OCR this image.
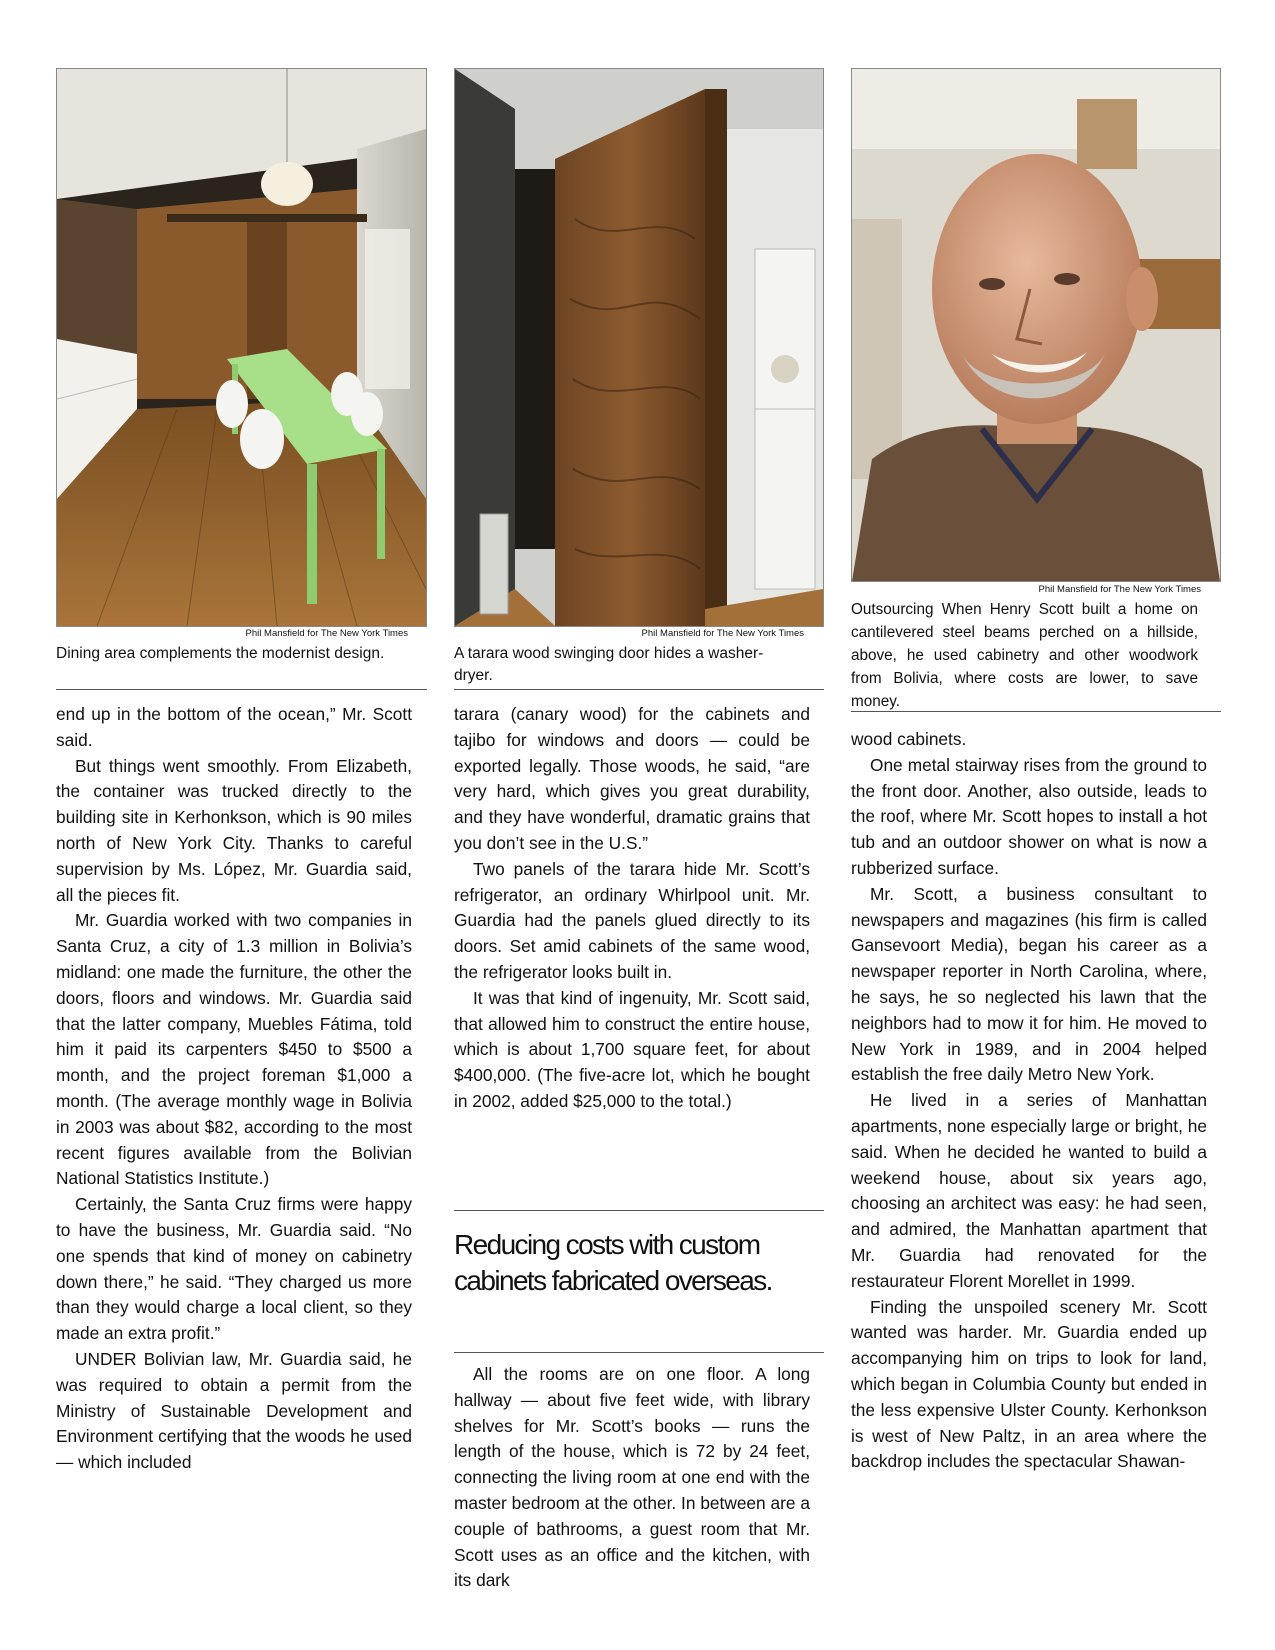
Phil Mansfield for The New York Times
Dining area complements the modernist design.
Phil Mansfield for The New York Times
A tarara wood swinging door hides a washer-dryer.
Phil Mansfield for The New York Times
Outsourcing When Henry Scott built a home on cantilevered steel beams perched on a hillside, above, he used cabinetry and other woodwork from Bolivia, where costs are lower, to save money.

end up in the bottom of the ocean,” Mr. Scott said.

But things went smoothly. From Elizabeth, the container was trucked directly to the building site in Kerhonkson, which is 90 miles north of New York City. Thanks to careful supervision by Ms. López, Mr. Guardia said, all the pieces fit.

Mr. Guardia worked with two companies in Santa Cruz, a city of 1.3 million in Bolivia’s midland: one made the furniture, the other the doors, floors and windows. Mr. Guardia said that the latter company, Muebles Fátima, told him it paid its carpenters $450 to $500 a month, and the project foreman $1,000 a month. (The average monthly wage in Bolivia in 2003 was about $82, according to the most recent figures available from the Bolivian National Statistics Institute.)

Certainly, the Santa Cruz firms were happy to have the business, Mr. Guardia said. “No one spends that kind of money on cabinetry down there,” he said. “They charged us more than they would charge a local client, so they made an extra profit.”

UNDER Bolivian law, Mr. Guardia said, he was required to obtain a permit from the Ministry of Sustainable Development and Environment certifying that the woods he used — which included

tarara (canary wood) for the cabinets and tajibo for windows and doors — could be exported legally. Those woods, he said, “are very hard, which gives you great durability, and they have wonderful, dramatic grains that you don’t see in the U.S.”

Two panels of the tarara hide Mr. Scott’s refrigerator, an ordinary Whirlpool unit. Mr. Guardia had the panels glued directly to its doors. Set amid cabinets of the same wood, the refrigerator looks built in.

It was that kind of ingenuity, Mr. Scott said, that allowed him to construct the entire house, which is about 1,700 square feet, for about $400,000. (The five-acre lot, which he bought in 2002, added $25,000 to the total.)

Reducing costs with custom cabinets fabricated overseas.

All the rooms are on one floor. A long hallway — about five feet wide, with library shelves for Mr. Scott’s books — runs the length of the house, which is 72 by 24 feet, connecting the living room at one end with the master bedroom at the other. In between are a couple of bathrooms, a guest room that Mr. Scott uses as an office and the kitchen, with its dark

wood cabinets.

One metal stairway rises from the ground to the front door. Another, also outside, leads to the roof, where Mr. Scott hopes to install a hot tub and an outdoor shower on what is now a rubberized surface.

Mr. Scott, a business consultant to newspapers and magazines (his firm is called Gansevoort Media), began his career as a newspaper reporter in North Carolina, where, he says, he so neglected his lawn that the neighbors had to mow it for him. He moved to New York in 1989, and in 2004 helped establish the free daily Metro New York.

He lived in a series of Manhattan apartments, none especially large or bright, he said. When he decided he wanted to build a weekend house, about six years ago, choosing an architect was easy: he had seen, and admired, the Manhattan apartment that Mr. Guardia had renovated for the restaurateur Florent Morellet in 1999.

Finding the unspoiled scenery Mr. Scott wanted was harder. Mr. Guardia ended up accompanying him on trips to look for land, which began in Columbia County but ended in the less expensive Ulster County. Kerhonkson is west of New Paltz, in an area where the backdrop includes the spectacular Shawan-
